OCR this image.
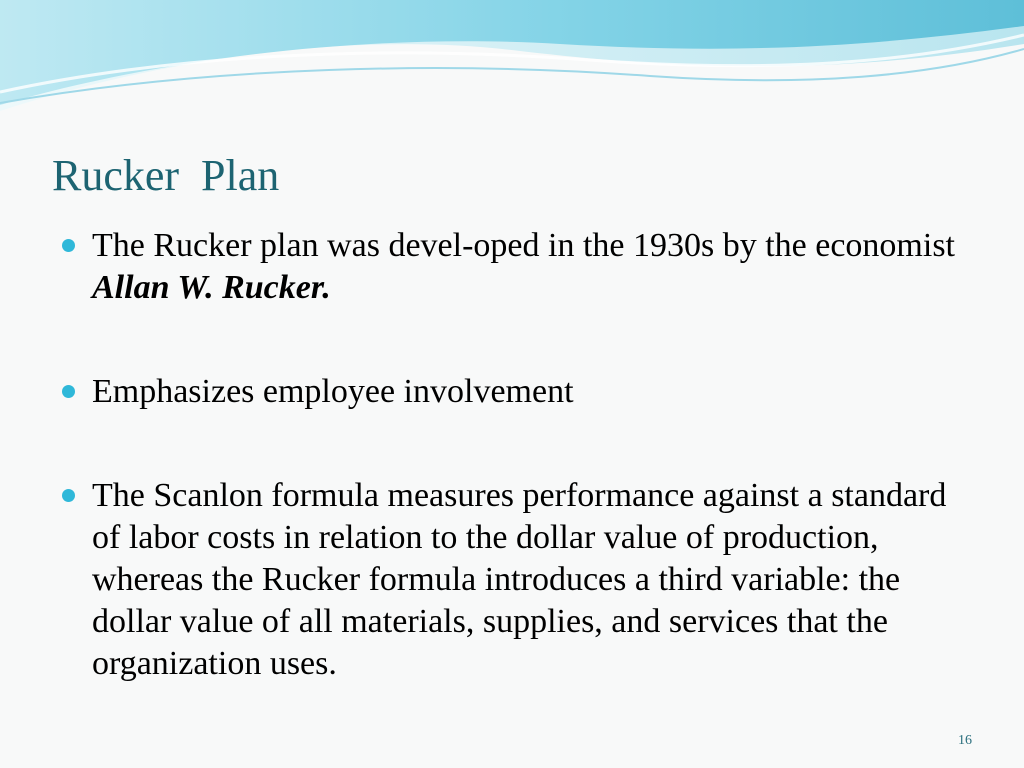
Rucker  Plan
The Rucker plan was devel-oped in the 1930s by the economist Allan W. Rucker.
Emphasizes employee involvement
The Scanlon formula measures performance against a standard of labor costs in relation to the dollar value of production, whereas the Rucker formula introduces a third variable: the dollar value of all materials, supplies, and services that the organization uses.
16
